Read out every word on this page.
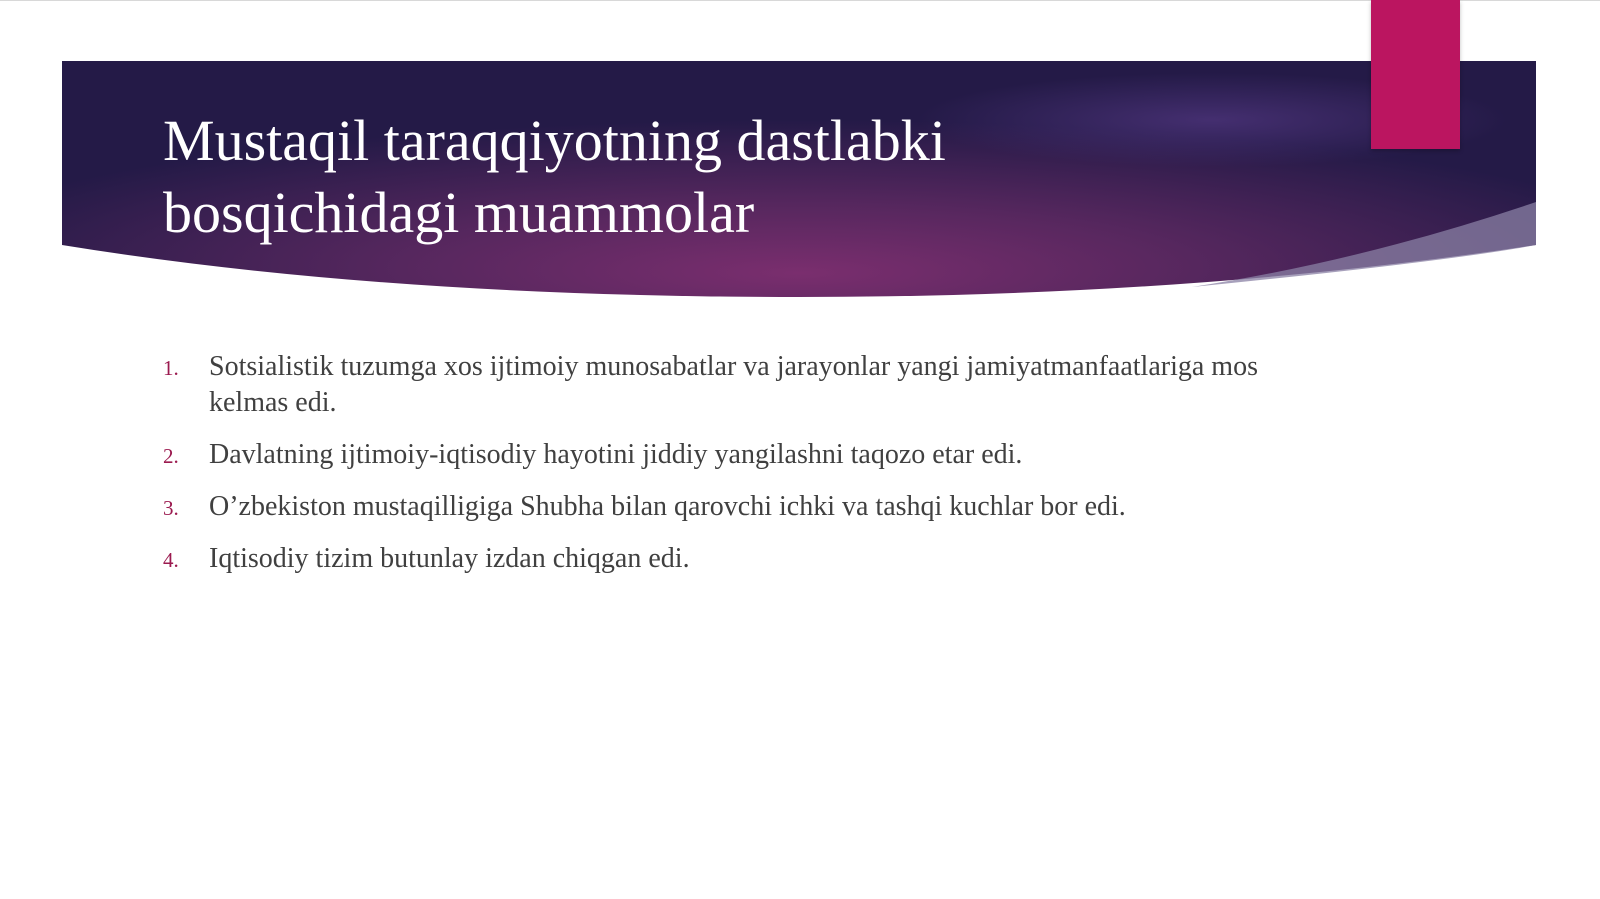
Mustaqil taraqqiyotning dastlabki
bosqichidagi muammolar
1. Sotsialistik tuzumga xos ijtimoiy munosabatlar va jarayonlar yangi jamiyatmanfaatlariga mos kelmas edi.
2. Davlatning ijtimoiy-iqtisodiy hayotini jiddiy yangilashni taqozo etar edi.
3. O’zbekiston mustaqilligiga Shubha bilan qarovchi ichki va tashqi kuchlar bor edi.
4. Iqtisodiy tizim butunlay izdan chiqgan edi.
